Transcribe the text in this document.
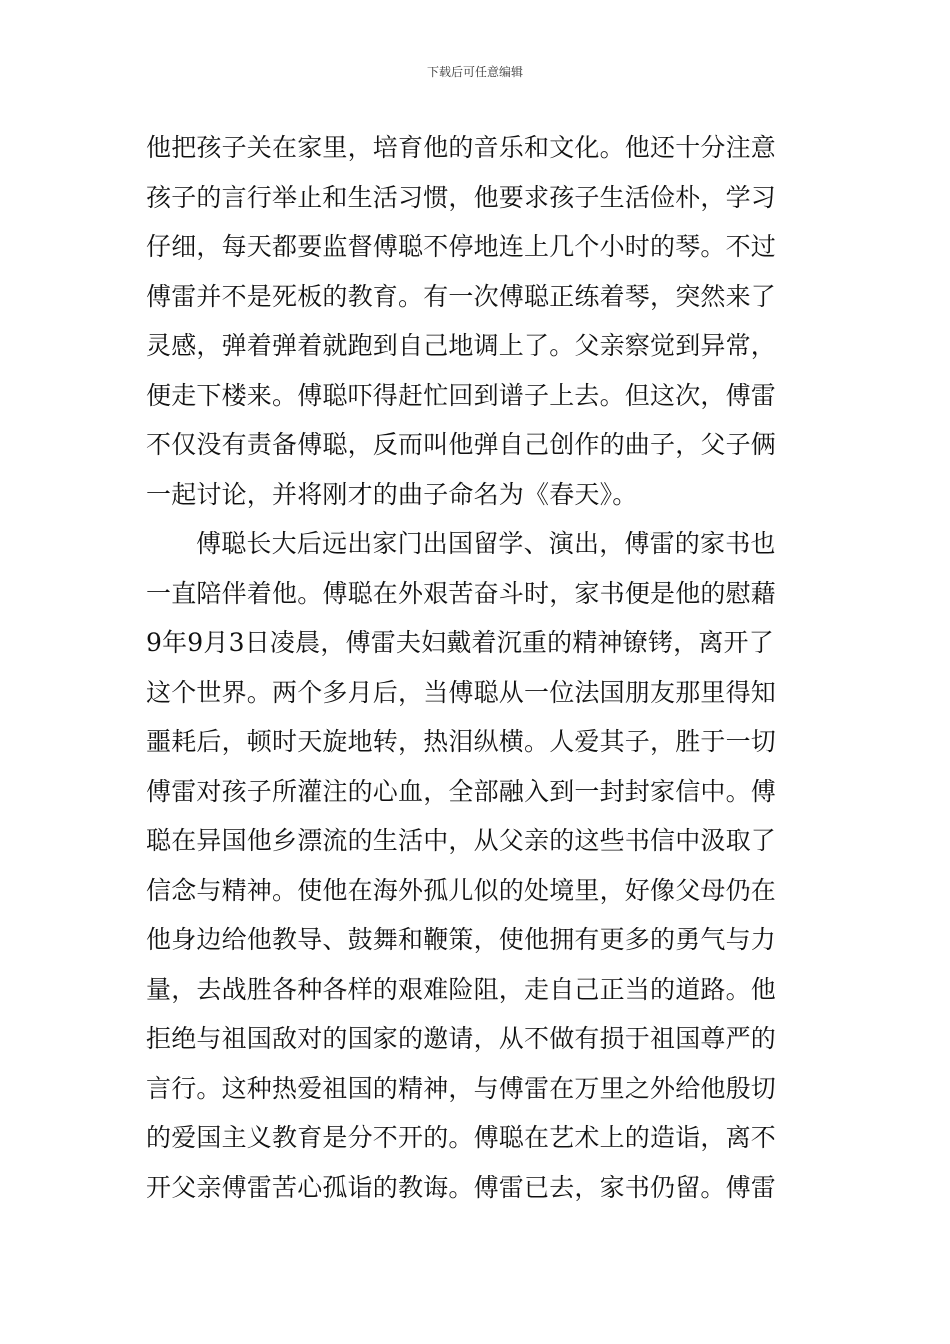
下载后可任意编辑
他把孩子关在家里，培育他的音乐和文化。他还十分注意
孩子的言行举止和生活习惯，他要求孩子生活俭朴，学习
仔细，每天都要监督傅聪不停地连上几个小时的琴。不过
傅雷并不是死板的教育。有一次傅聪正练着琴，突然来了
灵感，弹着弹着就跑到自己地调上了。父亲察觉到异常，
便走下楼来。傅聪吓得赶忙回到谱子上去。但这次，傅雷
不仅没有责备傅聪，反而叫他弹自己创作的曲子，父子俩
一起讨论，并将刚才的曲子命名为《春天》。
傅聪长大后远出家门出国留学、演出，傅雷的家书也
一直陪伴着他。傅聪在外艰苦奋斗时，家书便是他的慰藉
9年9月3日凌晨，傅雷夫妇戴着沉重的精神镣铐，离开了
这个世界。两个多月后，当傅聪从一位法国朋友那里得知
噩耗后，顿时天旋地转，热泪纵横。人爱其子，胜于一切
傅雷对孩子所灌注的心血，全部融入到一封封家信中。傅
聪在异国他乡漂流的生活中，从父亲的这些书信中汲取了
信念与精神。使他在海外孤儿似的处境里，好像父母仍在
他身边给他教导、鼓舞和鞭策，使他拥有更多的勇气与力
量，去战胜各种各样的艰难险阻，走自己正当的道路。他
拒绝与祖国敌对的国家的邀请，从不做有损于祖国尊严的
言行。这种热爱祖国的精神，与傅雷在万里之外给他殷切
的爱国主义教育是分不开的。傅聪在艺术上的造诣，离不
开父亲傅雷苦心孤诣的教诲。傅雷已去，家书仍留。傅雷
